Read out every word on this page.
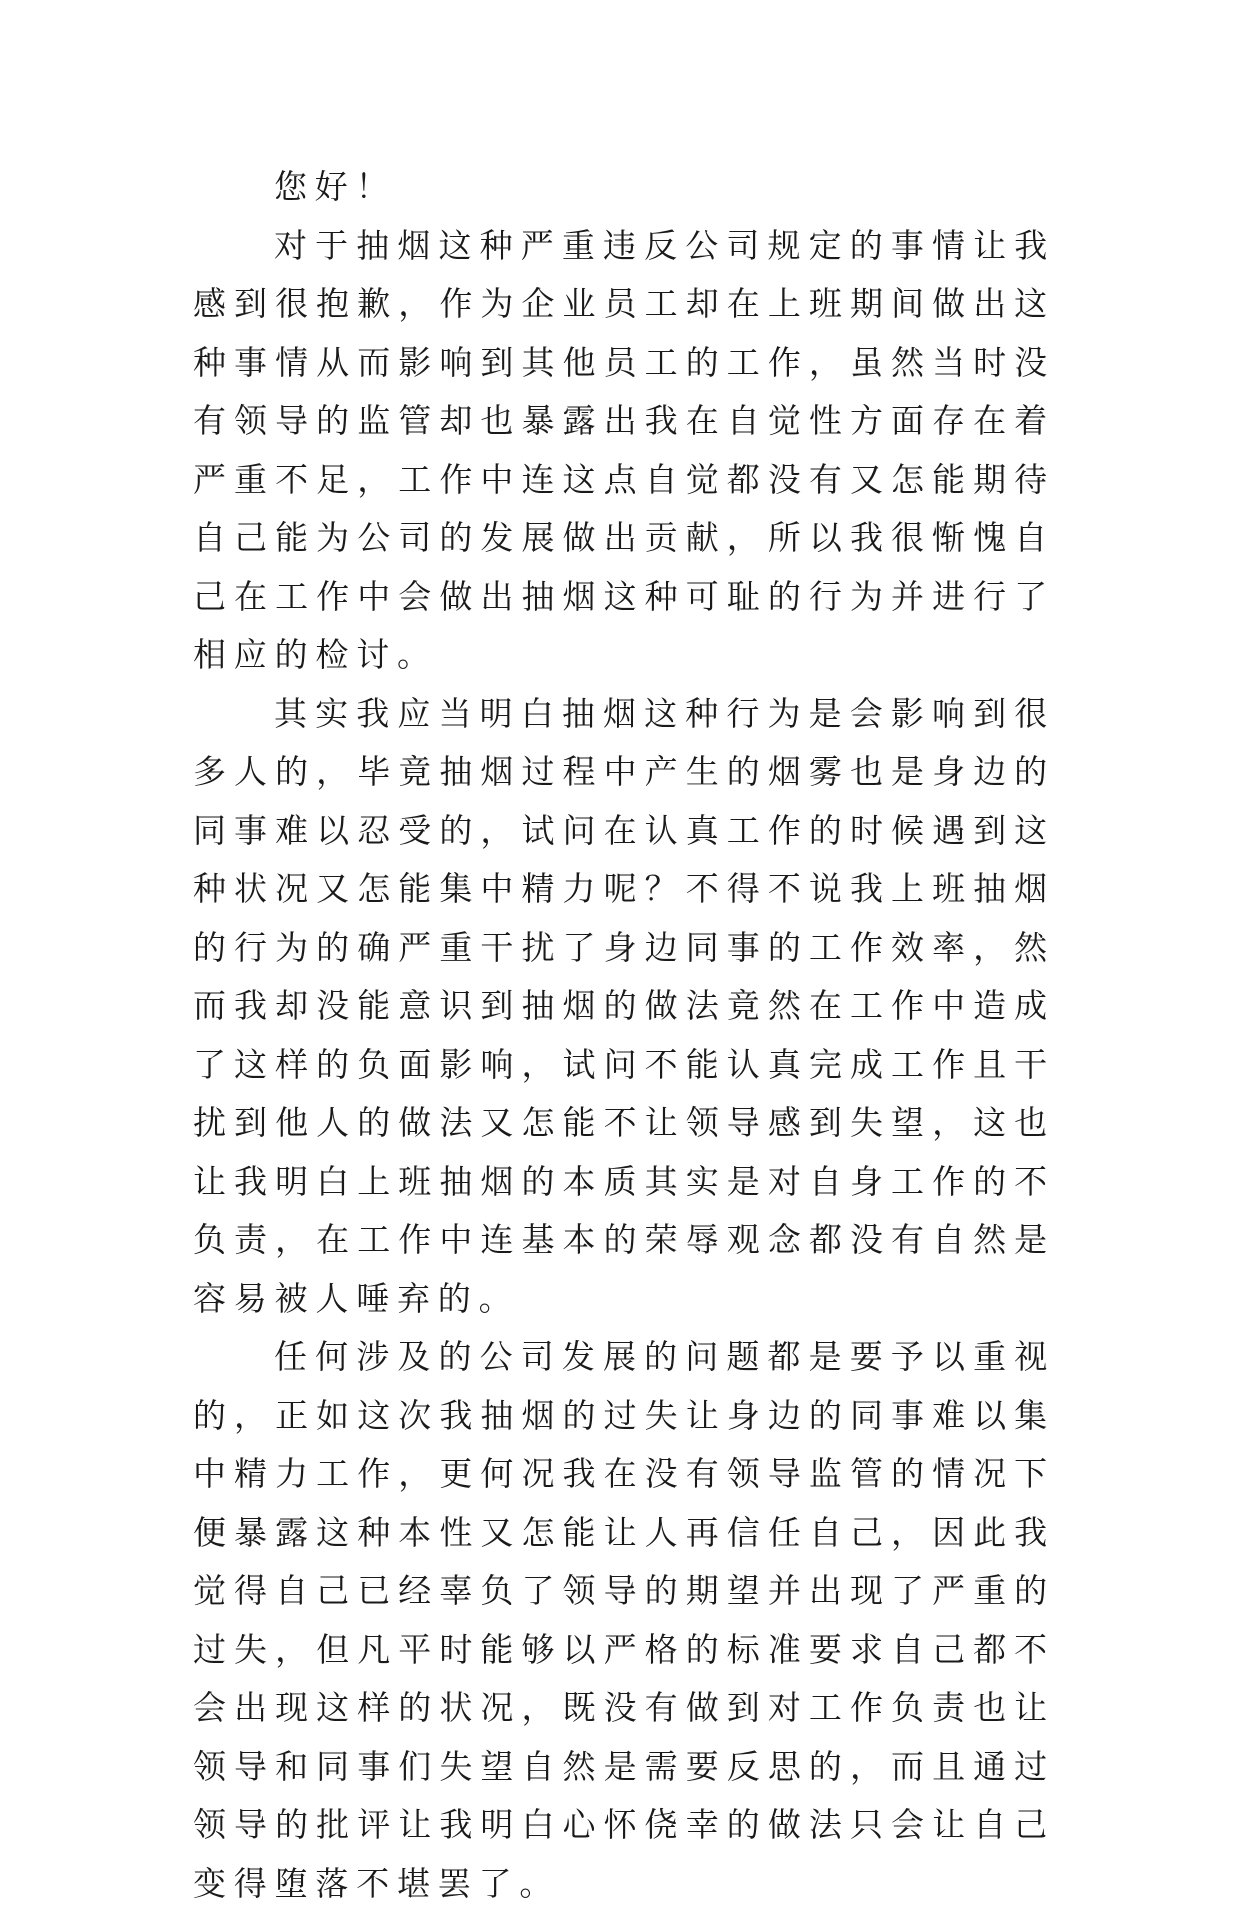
您好！

对于抽烟这种严重违反公司规定的事情让我感到很抱歉，作为企业员工却在上班期间做出这种事情从而影响到其他员工的工作，虽然当时没有领导的监管却也暴露出我在自觉性方面存在着严重不足，工作中连这点自觉都没有又怎能期待自己能为公司的发展做出贡献，所以我很惭愧自己在工作中会做出抽烟这种可耻的行为并进行了相应的检讨。

其实我应当明白抽烟这种行为是会影响到很多人的，毕竟抽烟过程中产生的烟雾也是身边的同事难以忍受的，试问在认真工作的时候遇到这种状况又怎能集中精力呢？不得不说我上班抽烟的行为的确严重干扰了身边同事的工作效率，然而我却没能意识到抽烟的做法竟然在工作中造成了这样的负面影响，试问不能认真完成工作且干扰到他人的做法又怎能不让领导感到失望，这也让我明白上班抽烟的本质其实是对自身工作的不负责，在工作中连基本的荣辱观念都没有自然是容易被人唾弃的。

任何涉及的公司发展的问题都是要予以重视的，正如这次我抽烟的过失让身边的同事难以集中精力工作，更何况我在没有领导监管的情况下便暴露这种本性又怎能让人再信任自己，因此我觉得自己已经辜负了领导的期望并出现了严重的过失，但凡平时能够以严格的标准要求自己都不会出现这样的状况，既没有做到对工作负责也让领导和同事们失望自然是需要反思的，而且通过领导的批评让我明白心怀侥幸的做法只会让自己变得堕落不堪罢了。
